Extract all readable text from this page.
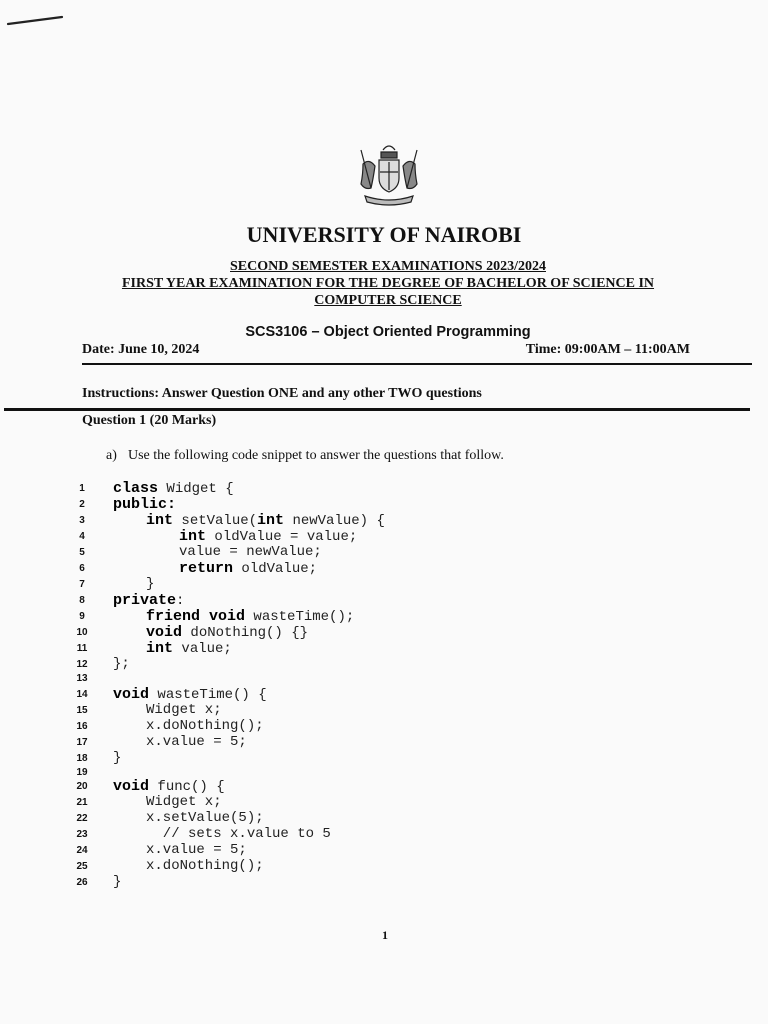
UNIVERSITY OF NAIROBI
SECOND SEMESTER EXAMINATIONS 2023/2024
FIRST YEAR EXAMINATION FOR THE DEGREE OF BACHELOR OF SCIENCE IN
COMPUTER SCIENCE
SCS3106 – Object Oriented Programming
Date: June 10, 2024	Time: 09:00AM – 11:00AM
Instructions: Answer Question ONE and any other TWO questions
Question 1 (20 Marks)
a) Use the following code snippet to answer the questions that follow.
1	class Widget {
2	public:
3	int setValue(int newValue) {
4	int oldValue = value;
5	value = newValue;
6	return oldValue;
7	}
8	private:
9	friend void wasteTime();
10	void doNothing() {}
11	int value;
12	};
13
14	void wasteTime() {
15	Widget x;
16	x.doNothing();
17	x.value = 5;
18	}
19
20	void func() {
21	Widget x;
22	x.setValue(5);
23	// sets x.value to 5
24	x.value = 5;
25	x.doNothing();
26	}
1
